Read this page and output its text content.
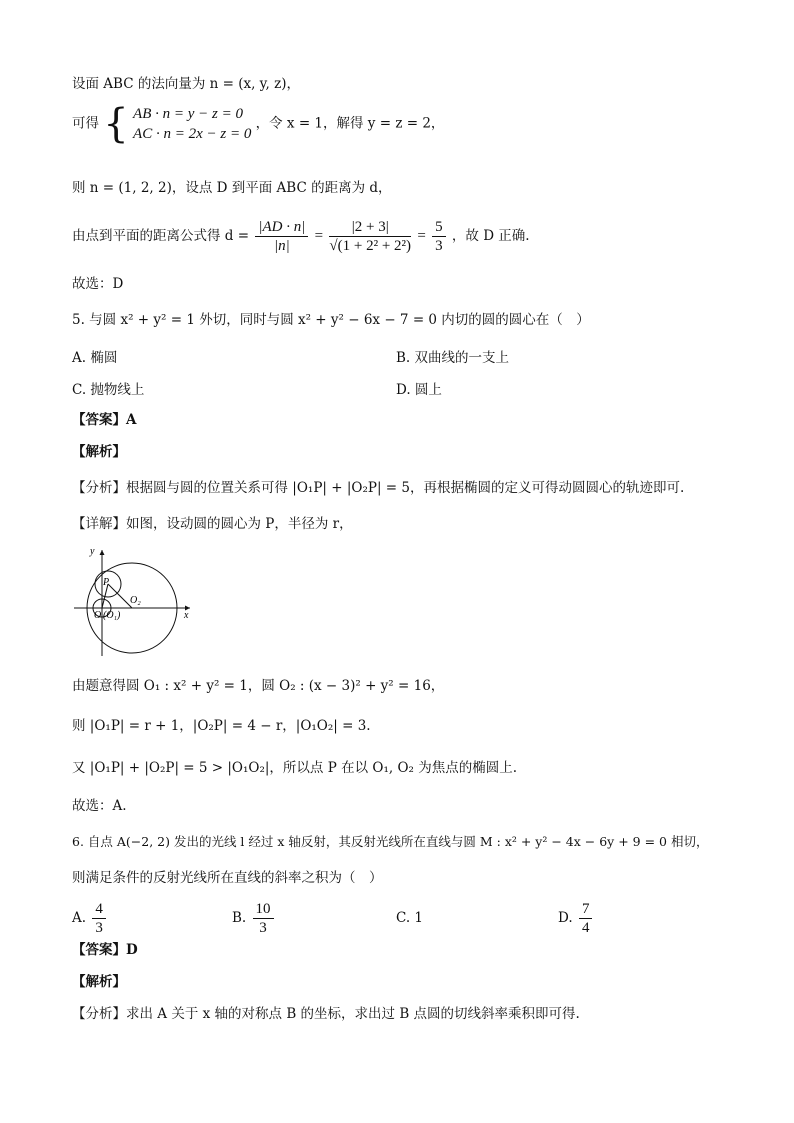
设面 ABC 的法向量为 n = (x, y, z)，
可得 { AB · n = y − z = 0
AC · n = 2x − z = 0
，令 x = 1，解得 y = z = 2，
则 n = (1, 2, 2)，设点 D 到平面 ABC 的距离为 d，
由点到平面的距离公式得 $d = \frac{|AD \cdot n|}{|n|} = \frac{|2 + 3|}{\text{√(1 + 2² + 2²)}} = \frac{5}{3}$ ，故 D 正确.
故选：D
5. 与圆 x² + y² = 1 外切，同时与圆 x² + y² − 6x − 7 = 0 内切的圆的圆心在（　）
A. 椭圆	B. 双曲线的一支上
C. 抛物线上	D. 圆上
【答案】A
【解析】
【分析】根据圆与圆的位置关系可得 |O₁P| + |O₂P| = 5，再根据椭圆的定义可得动圆圆心的轨迹即可.
【详解】如图，设动圆的圆心为 P，半径为 r，
y
x
P
O₂
O (O₁)
由题意得圆 O₁ : x² + y² = 1，圆 O₂ : (x − 3)² + y² = 16，
则 |O₁P| = r + 1，|O₂P| = 4 − r，|O₁O₂| = 3.
又 |O₁P| + |O₂P| = 5 > |O₁O₂|，所以点 P 在以 O₁, O₂ 为焦点的椭圆上.
故选：A.
6. 自点 A(−2, 2) 发出的光线 l 经过 x 轴反射，其反射光线所在直线与圆 M : x² + y² − 4x − 6y + 9 = 0 相切，
则满足条件的反射光线所在直线的斜率之积为（　）
A. $\frac{4}{3}$	B. $\frac{10}{3}$	C. 1	D. $\frac{7}{4}$
【答案】D
【解析】
【分析】求出 A 关于 x 轴的对称点 B 的坐标，求出过 B 点圆的切线斜率乘积即可得.
